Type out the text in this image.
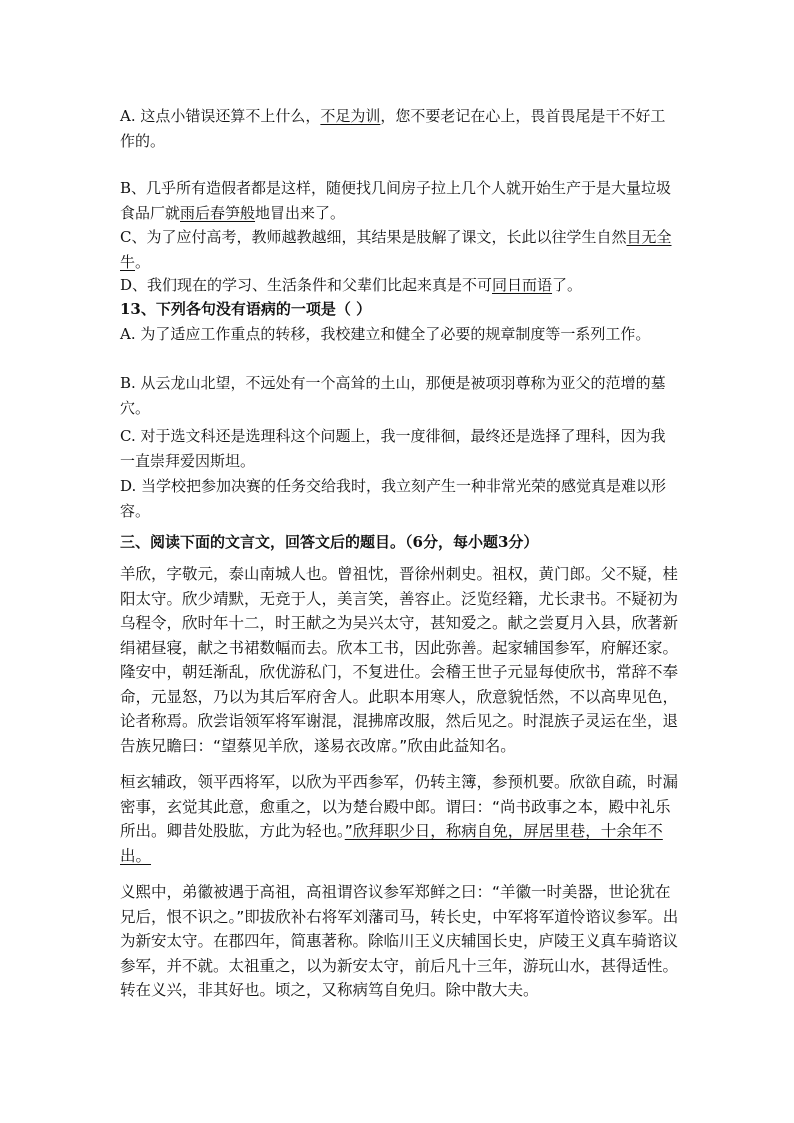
A. 这点小错误还算不上什么，不足为训，您不要老记在心上，畏首畏尾是干不好工作的。
B、几乎所有造假者都是这样，随便找几间房子拉上几个人就开始生产于是大量垃圾食品厂就雨后春笋般地冒出来了。
C、为了应付高考，教师越教越细，其结果是肢解了课文，长此以往学生自然目无全牛。
D、我们现在的学习、生活条件和父辈们比起来真是不可同日而语了。
13、下列各句没有语病的一项是（ ）
A. 为了适应工作重点的转移，我校建立和健全了必要的规章制度等一系列工作。
B. 从云龙山北望，不远处有一个高耸的土山，那便是被项羽尊称为亚父的范增的墓穴。
C. 对于选文科还是选理科这个问题上，我一度徘徊，最终还是选择了理科，因为我一直崇拜爱因斯坦。
D. 当学校把参加决赛的任务交给我时，我立刻产生一种非常光荣的感觉真是难以形容。
三、阅读下面的文言文，回答文后的题目。（6分，每小题3分）
羊欣，字敬元，泰山南城人也。曾祖忱，晋徐州刺史。祖权，黄门郎。父不疑，桂阳太守。欣少靖默，无竞于人，美言笑，善容止。泛览经籍，尤长隶书。不疑初为乌程令，欣时年十二，时王献之为吴兴太守，甚知爱之。献之尝夏月入县，欣著新绢裙昼寝，献之书裙数幅而去。欣本工书，因此弥善。起家辅国参军，府解还家。隆安中，朝廷渐乱，欣优游私门，不复进仕。会稽王世子元显每使欣书，常辞不奉命，元显怒，乃以为其后军府舍人。此职本用寒人，欣意貌恬然，不以高卑见色，论者称焉。欣尝诣领军将军谢混，混拂席改服，然后见之。时混族子灵运在坐，退告族兄瞻曰：“望蔡见羊欣，遂易衣改席。”欣由此益知名。
桓玄辅政，领平西将军，以欣为平西参军，仍转主簿，参预机要。欣欲自疏，时漏密事，玄觉其此意，愈重之，以为楚台殿中郎。谓曰：“尚书政事之本，殿中礼乐所出。卿昔处股肱，方此为轻也。”欣拜职少日，称病自免，屏居里巷，十余年不出。
义熙中，弟徽被遇于高祖，高祖谓咨议参军郑鲜之曰：“羊徽一时美器，世论犹在兄后，恨不识之。”即拔欣补右将军刘藩司马，转长史，中军将军道怜谘议参军。出为新安太守。在郡四年，简惠著称。除临川王义庆辅国长史，庐陵王义真车骑谘议参军，并不就。太祖重之，以为新安太守，前后凡十三年，游玩山水，甚得适性。转在义兴，非其好也。顷之，又称病笃自免归。除中散大夫。
